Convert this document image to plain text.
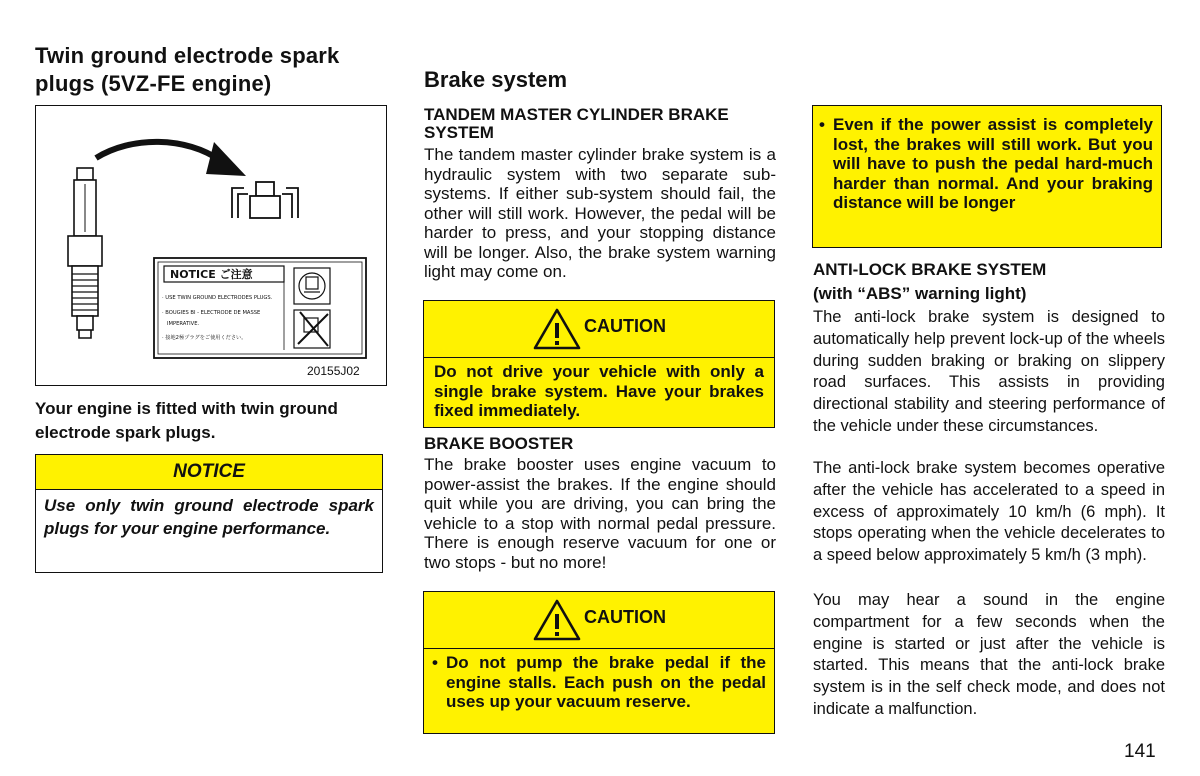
Twin ground electrode spark
plugs (5VZ-FE engine)
NOTICE ご注意
· USE TWIN GROUND ELECTRODES PLUGS.
· BOUGIES BI - ELECTRODE DE MASSE
IMPERATIVE.
· 接地2極プラグをご使用ください。
20155J02
Your engine is fitted with twin ground electrode spark plugs.
NOTICE
Use only twin ground electrode spark plugs for your engine performance.
Brake system
TANDEM MASTER CYLINDER BRAKE SYSTEM
The tandem master cylinder brake system is a hydraulic system with two separate sub-systems. If either sub-system should fail, the other will still work. However, the pedal will be harder to press, and your stopping distance will be longer. Also, the brake system warning light may come on.
CAUTION
Do not drive your vehicle with only a single brake system. Have your brakes fixed immediately.
BRAKE BOOSTER
The brake booster uses engine vacuum to power-assist the brakes. If the engine should quit while you are driving, you can bring the vehicle to a stop with normal pedal pressure. There is enough reserve vacuum for one or two stops - but no more!
CAUTION
• Do not pump the brake pedal if the engine stalls. Each push on the pedal uses up your vacuum reserve.
• Even if the power assist is completely lost, the brakes will still work. But you will have to push the pedal hard-much harder than normal. And your braking distance will be longer
ANTI-LOCK BRAKE SYSTEM
(with “ABS” warning light)
The anti-lock brake system is designed to automatically help prevent lock-up of the wheels during sudden braking or braking on slippery road surfaces. This assists in providing directional stability and steering performance of the vehicle under these circumstances.
The anti-lock brake system becomes operative after the vehicle has accelerated to a speed in excess of approximately 10 km/h (6 mph). It stops operating when the vehicle decelerates to a speed below approximately 5 km/h (3 mph).
You may hear a sound in the engine compartment for a few seconds when the engine is started or just after the vehicle is started. This means that the anti-lock brake system is in the self check mode, and does not indicate a malfunction.
141
